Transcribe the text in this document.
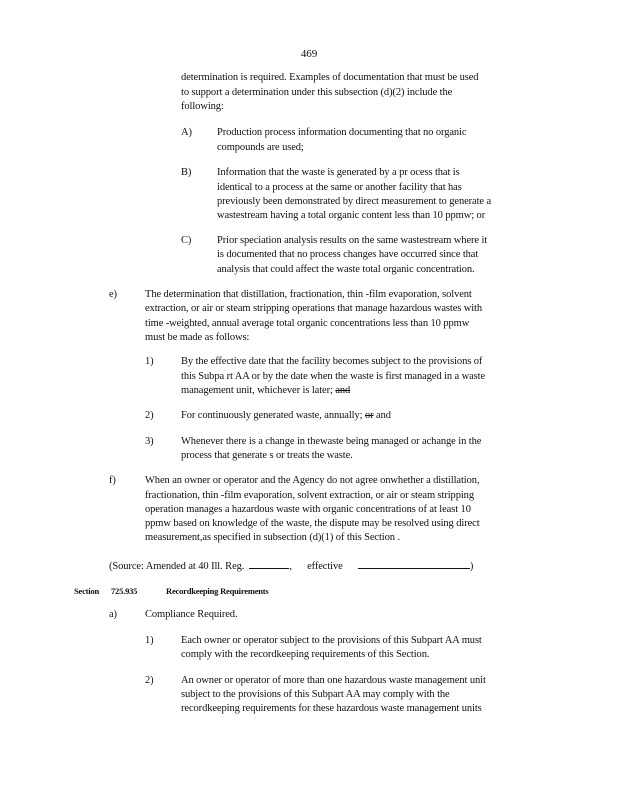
469
determination is required. Examples of documentation that must be used
to support a determination under this subsection (d)(2) include the
following:
A) Production process information documenting that no organic
compounds are used;
B) Information that the waste is generated by a pr ocess that is
identical to a process at the same or another facility that has
previously been demonstrated by direct measurement to generate a
wastestream having a total organic content less than 10 ppmw; or
C) Prior speciation analysis results on the same wastestream where it
is documented that no process changes have occurred since that
analysis that could affect the waste total organic concentration.
e)	The determination that distillation, fractionation, thin -film evaporation, solvent
extraction, or air or steam stripping operations that manage hazardous wastes with
time -weighted, annual average total organic concentrations less than 10 ppmw
must be made as follows:
1)	By the effective date that the facility becomes subject to the provisions of
this Subpa rt AA or by the date when the waste is first managed in a waste
management unit, whichever is later; and
2)	For continuously generated waste, annually; or and
3)	Whenever there is a change in thewaste being managed or achange in the
process that generate s or treats the waste.
f)	When an owner or operator and the Agency do not agree onwhether a distillation,
fractionation, thin -film evaporation, solvent extraction, or air or steam stripping
operation manages a hazardous waste with organic concentrations of at least 10
ppmw based on knowledge of the waste, the dispute may be resolved using direct
measurement,as specified in subsection (d)(1) of this Section .
(Source: Amended at 40 Ill. Reg.	, effective	)
Section 725.935	Recordkeeping Requirements
a)	Compliance Required.
1)	Each owner or operator subject to the provisions of this Subpart AA must
comply with the recordkeeping requirements of this Section.
2)	An owner or operator of more than one hazardous waste management unit
subject to the provisions of this Subpart AA may comply with the
recordkeeping requirements for these hazardous waste management units
